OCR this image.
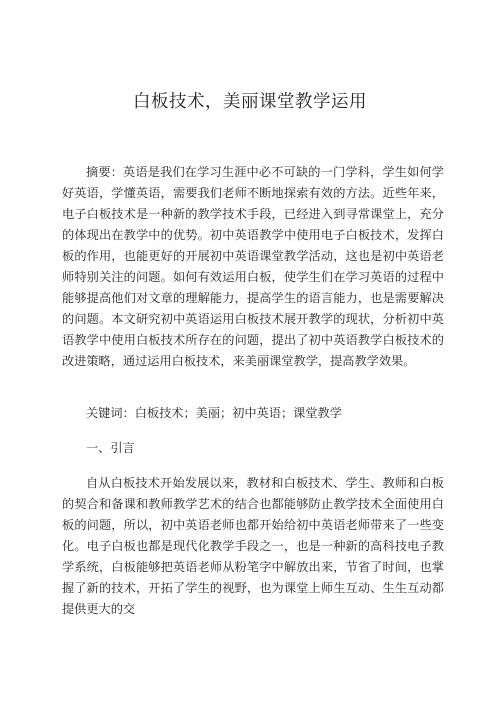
白板技术，美丽课堂教学运用

摘要：英语是我们在学习生涯中必不可缺的一门学科，学生如何学好英语，学懂英语，需要我们老师不断地探索有效的方法。近些年来，电子白板技术是一种新的教学技术手段，已经进入到寻常课堂上，充分的体现出在教学中的优势。初中英语教学中使用电子白板技术，发挥白板的作用，也能更好的开展初中英语课堂教学活动，这也是初中英语老师特别关注的问题。如何有效运用白板，使学生们在学习英语的过程中能够提高他们对文章的理解能力，提高学生的语言能力，也是需要解决的问题。本文研究初中英语运用白板技术展开教学的现状，分析初中英语教学中使用白板技术所存在的问题，提出了初中英语教学白板技术的改进策略，通过运用白板技术，来美丽课堂教学，提高教学效果。

关键词：白板技术；美丽；初中英语；课堂教学

一、引言

自从白板技术开始发展以来，教材和白板技术、学生、教师和白板的契合和备课和教师教学艺术的结合也都能够防止教学技术全面使用白板的问题，所以，初中英语老师也都开始给初中英语老师带来了一些变化。电子白板也都是现代化教学手段之一，也是一种新的高科技电子教学系统，白板能够把英语老师从粉笔字中解放出来，节省了时间，也掌握了新的技术，开拓了学生的视野，也为课堂上师生互动、生生互动都提供更大的交
